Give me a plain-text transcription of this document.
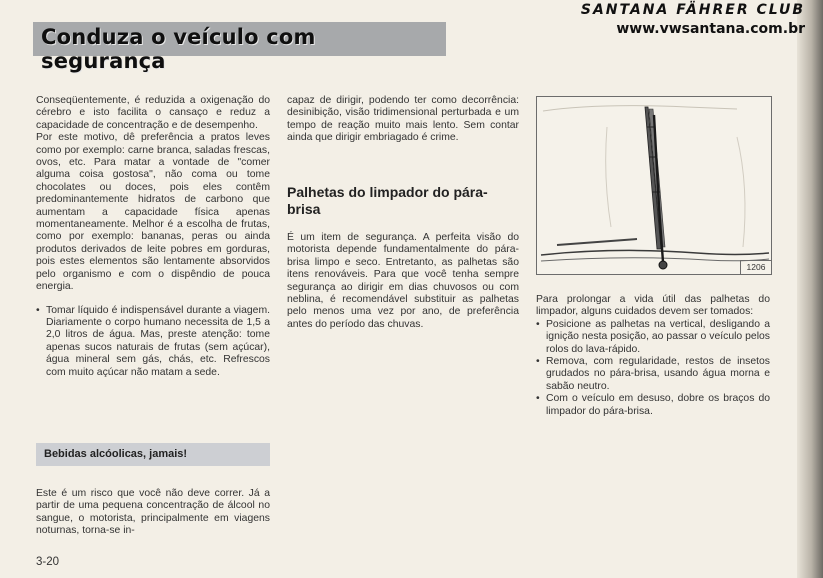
Conduza o veículo com segurança
SANTANA FÄHRER CLUB
www.vwsantana.com.br

Conseqüentemente, é reduzida a oxigenação do cérebro e isto facilita o cansaço e reduz a capacidade de concentração e de desempenho.

Por este motivo, dê preferência a pratos leves como por exemplo: carne branca, saladas frescas, ovos, etc. Para matar a vontade de "comer alguma coisa gostosa", não coma ou tome chocolates ou doces, pois eles contêm predominantemente hidratos de carbono que aumentam a capacidade física apenas momentaneamente. Melhor é a escolha de frutas, como por exemplo: bananas, peras ou ainda produtos derivados de leite pobres em gorduras, pois estes elementos são lentamente absorvidos pelo organismo e com o dispêndio de pouca energia.

• Tomar líquido é indispensável durante a viagem. Diariamente o corpo humano necessita de 1,5 a 2,0 litros de água. Mas, preste atenção: tome apenas sucos naturais de frutas (sem açúcar), água mineral sem gás, chás, etc. Refrescos com muito açúcar não matam a sede.
Bebidas alcóolicas, jamais!

Este é um risco que você não deve correr. Já a partir de uma pequena concentração de álcool no sangue, o motorista, principalmente em viagens noturnas, torna-se in-

capaz de dirigir, podendo ter como decorrência: desinibição, visão tridimensional perturbada e um tempo de reação muito mais lento. Sem contar ainda que dirigir embriagado é crime.

Palhetas do limpador do pára-brisa

É um item de segurança. A perfeita visão do motorista depende fundamentalmente do pára-brisa limpo e seco. Entretanto, as palhetas são itens renováveis. Para que você tenha sempre segurança ao dirigir em dias chuvosos ou com neblina, é recomendável substituir as palhetas pelo menos uma vez por ano, de preferência antes do período das chuvas.

1206

Para prolongar a vida útil das palhetas do limpador, alguns cuidados devem ser tomados:

• Posicione as palhetas na vertical, desligando a ignição nesta posição, ao passar o veículo pelos rolos do lava-rápido.
• Remova, com regularidade, restos de insetos grudados no pára-brisa, usando água morna e sabão neutro.
• Com o veículo em desuso, dobre os braços do limpador do pára-brisa.
3-20
